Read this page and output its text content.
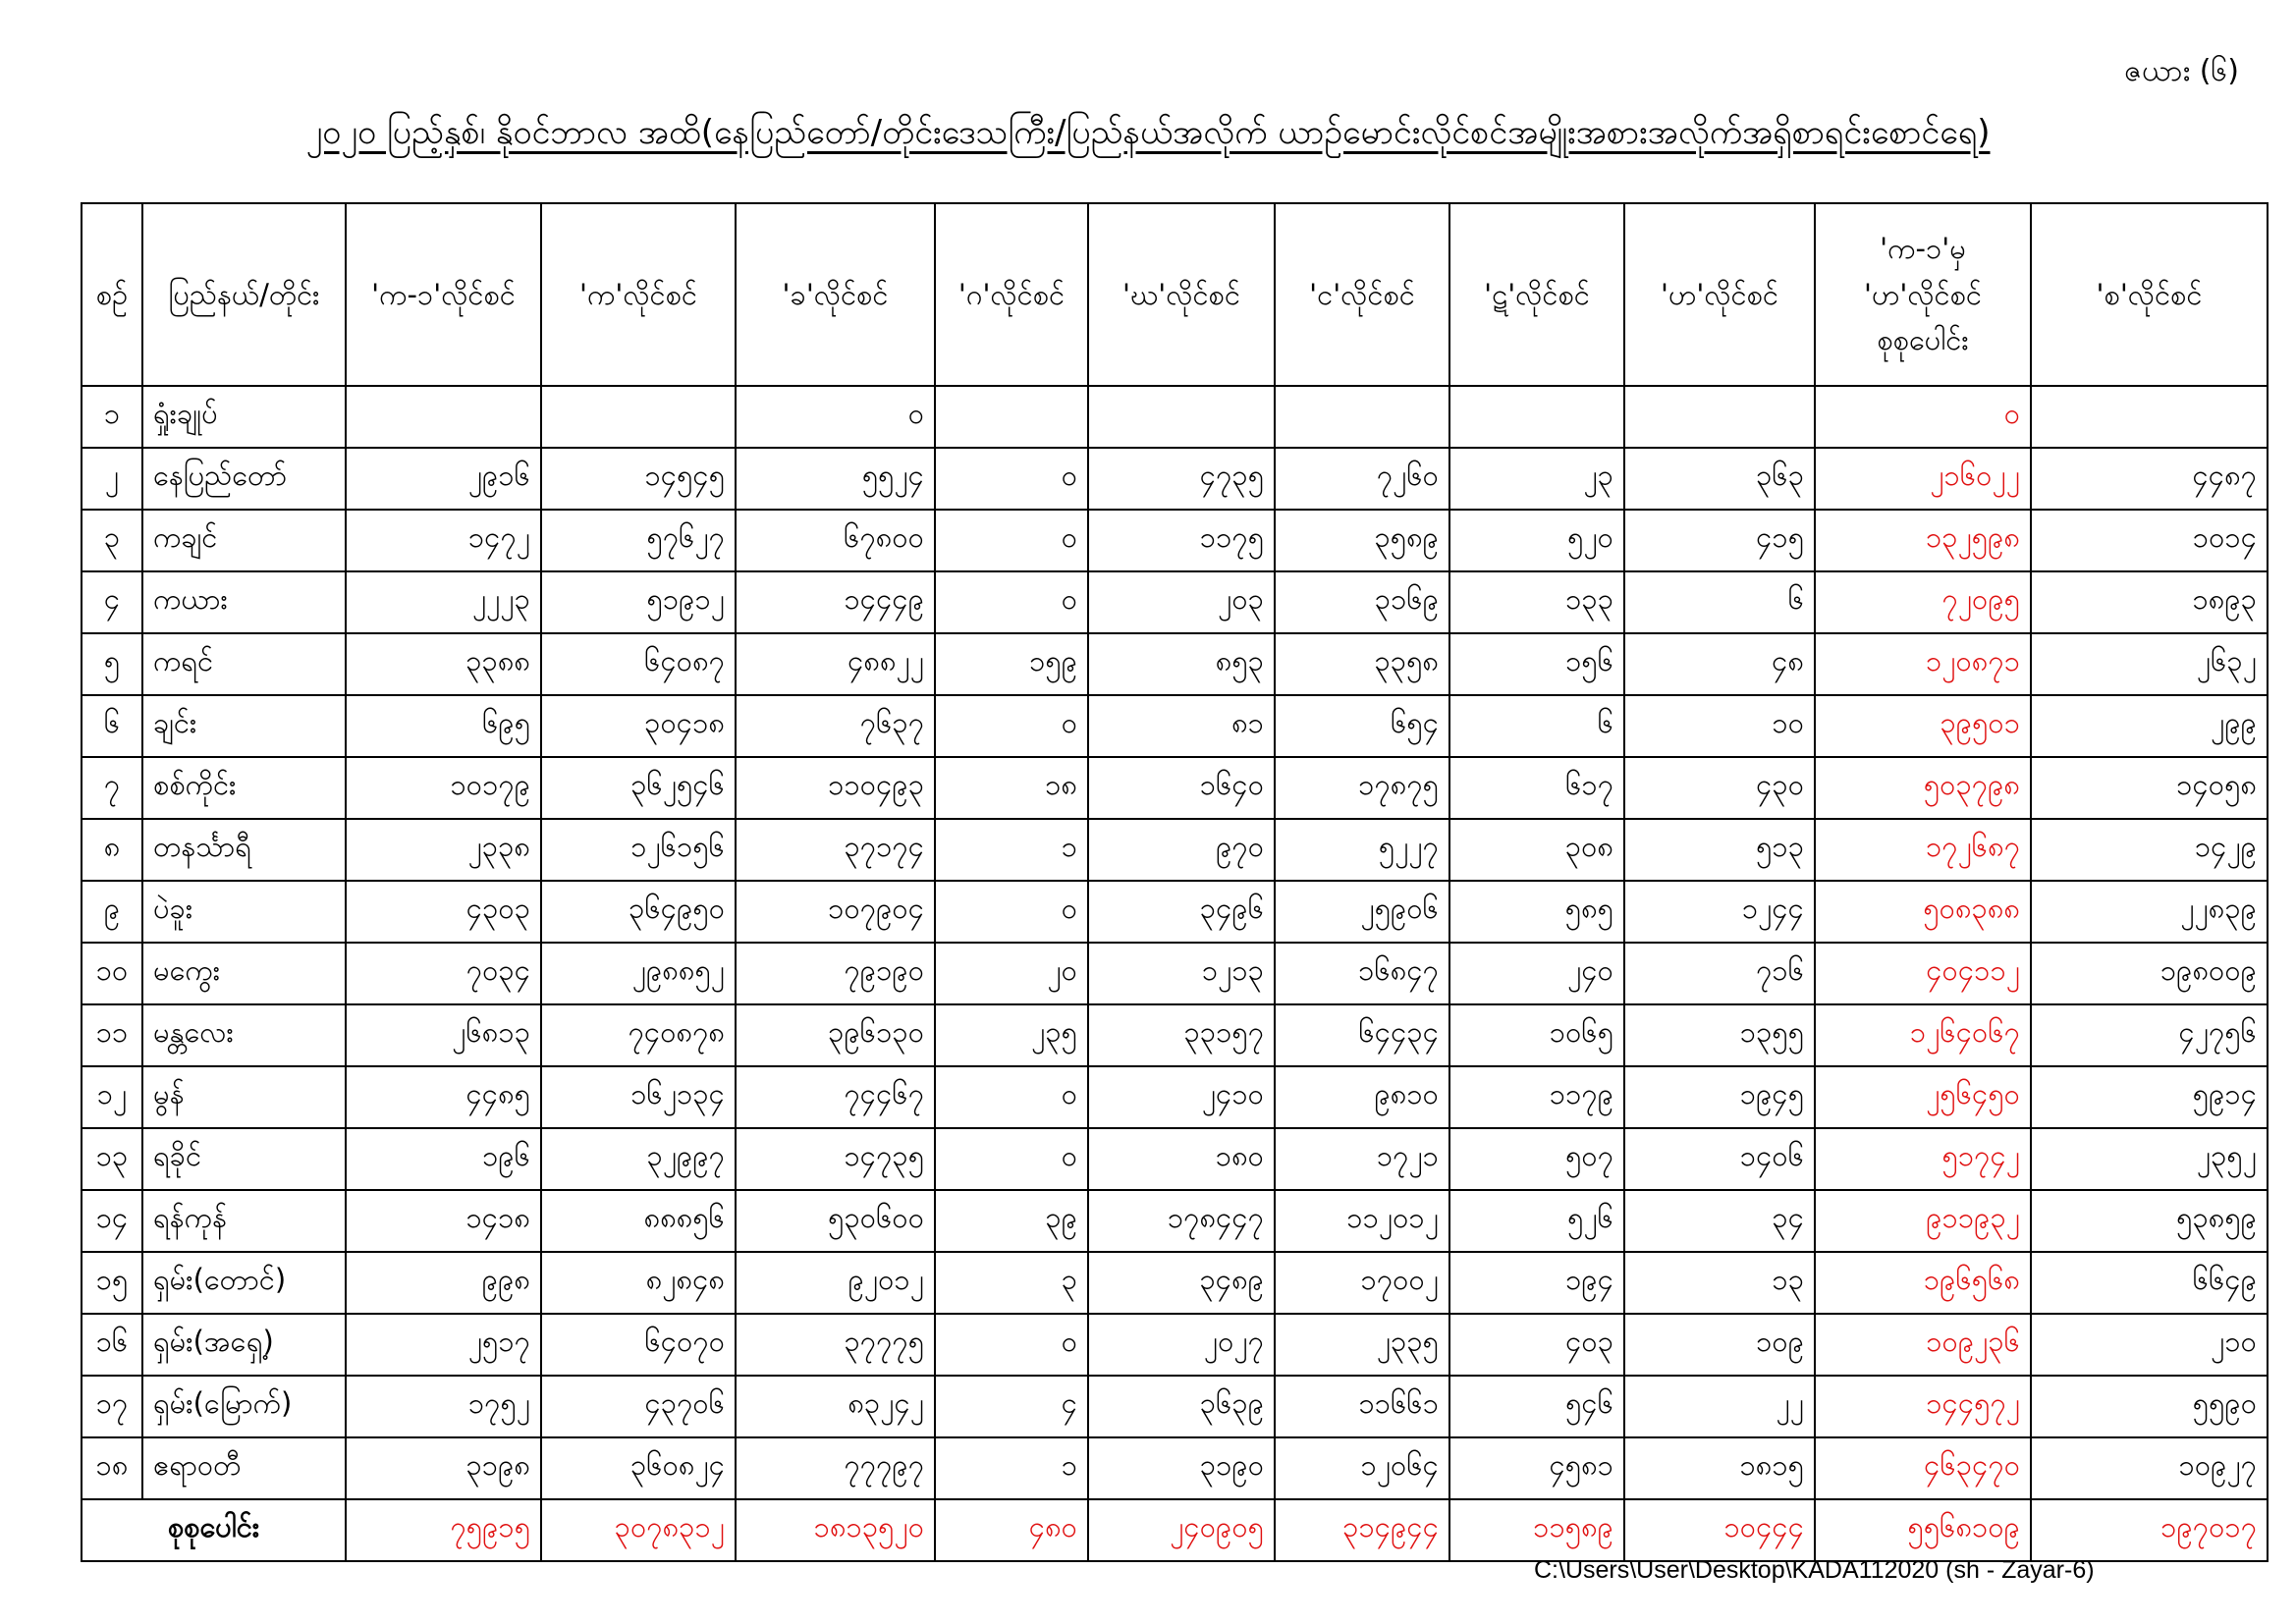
ဇယား (၆)
၂၀၂၀ ပြည့်နှစ်၊ နိုဝင်ဘာလ အထိ(နေပြည်တော်/တိုင်းဒေသကြီး/ပြည်နယ်အလိုက် ယာဉ်မောင်းလိုင်စင်အမျိုးအစားအလိုက်အရှိစာရင်းစောင်ရေ)
စဉ်	ပြည်နယ်/တိုင်း	'က-၁'လိုင်စင်	'က'လိုင်စင်	'ခ'လိုင်စင်	'ဂ'လိုင်စင်	'ဃ'လိုင်စင်	'င'လိုင်စင်	'ဋ'လိုင်စင်	'ဟ'လိုင်စင်	'က-၁'မှ 'ဟ'လိုင်စင် စုစုပေါင်း	'စ'လိုင်စင်
၁	ရှုံးချုပ်			၀						၀	
၂	နေပြည်တော်	၂၉၁၆	၁၄၅၄၅	၅၅၂၄	၀	၄၇၃၅	၇၂၆၀	၂၃	၃၆၃	၂၁၆၀၂၂	၄၄၈၇
၃	ကချင်	၁၄၇၂	၅၇၆၂၇	၆၇၈၀၀	၀	၁၁၇၅	၃၅၈၉	၅၂၀	၄၁၅	၁၃၂၅၉၈	၁၀၁၄
၄	ကယား	၂၂၂၃	၅၁၉၁၂	၁၄၄၄၉	၀	၂၀၃	၃၁၆၉	၁၃၃	၆	၇၂၀၉၅	၁၈၉၃
၅	ကရင်	၃၃၈၈	၆၄၀၈၇	၄၈၈၂၂	၁၅၉	၈၅၃	၃၃၅၈	၁၅၆	၄၈	၁၂၀၈၇၁	၂၆၃၂
၆	ချင်း	၆၉၅	၃၀၄၁၈	၇၆၃၇	၀	၈၁	၆၅၄	၆	၁၀	၃၉၅၀၁	၂၉၉
၇	စစ်ကိုင်း	၁၀၁၇၉	၃၆၂၅၄၆	၁၁၀၄၉၃	၁၈	၁၆၄၀	၁၇၈၇၅	၆၁၇	၄၃၀	၅၀၃၇၉၈	၁၄၀၅၈
၈	တနင်္သာရီ	၂၃၃၈	၁၂၆၁၅၆	၃၇၁၇၄	၁	၉၇၀	၅၂၂၇	၃၀၈	၅၁၃	၁၇၂၆၈၇	၁၄၂၉
၉	ပဲခူး	၄၃၀၃	၃၆၄၉၅၀	၁၀၇၉၀၄	၀	၃၄၉၆	၂၅၉၀၆	၅၈၅	၁၂၄၄	၅၀၈၃၈၈	၂၂၈၃၉
၁၀	မကွေး	၇၀၃၄	၂၉၈၈၅၂	၇၉၁၉၀	၂၀	၁၂၁၃	၁၆၈၄၇	၂၄၀	၇၁၆	၄၀၄၁၁၂	၁၉၈၀၀၉
၁၁	မန္တလေး	၂၆၈၁၃	၇၄၀၈၇၈	၃၉၆၁၃၀	၂၃၅	၃၃၁၅၇	၆၄၄၃၄	၁၀၆၅	၁၃၅၅	၁၂၆၄၀၆၇	၄၂၇၅၆
၁၂	မွန်	၄၄၈၅	၁၆၂၁၃၄	၇၄၄၆၇	၀	၂၄၁၀	၉၈၁၀	၁၁၇၉	၁၉၄၅	၂၅၆၄၅၀	၅၉၁၄
၁၃	ရခိုင်	၁၉၆	၃၂၉၉၇	၁၄၇၃၅	၀	၁၈၀	၁၇၂၁	၅၀၇	၁၄၀၆	၅၁၇၄၂	၂၃၅၂
၁၄	ရန်ကုန်	၁၄၁၈	၈၈၈၅၆	၅၃၀၆၀၀	၃၉	၁၇၈၄၄၇	၁၁၂၀၁၂	၅၂၆	၃၄	၉၁၁၉၃၂	၅၃၈၅၉
၁၅	ရှမ်း(တောင်)	၉၉၈	၈၂၈၄၈	၉၂၀၁၂	၃	၃၄၈၉	၁၇၀၀၂	၁၉၄	၁၃	၁၉၆၅၆၈	၆၆၄၉
၁၆	ရှမ်း(အရှေ့)	၂၅၁၇	၆၄၀၇၀	၃၇၇၇၅	၀	၂၀၂၇	၂၃၃၅	၄၀၃	၁၀၉	၁၀၉၂၃၆	၂၁၀
၁၇	ရှမ်း(မြောက်)	၁၇၅၂	၄၃၇၀၆	၈၃၂၄၂	၄	၃၆၃၉	၁၁၆၆၁	၅၄၆	၂၂	၁၄၄၅၇၂	၅၅၉၀
၁၈	ဧရာဝတီ	၃၁၉၈	၃၆၀၈၂၄	၇၇၇၉၇	၁	၃၁၉၀	၁၂၀၆၄	၄၅၈၁	၁၈၁၅	၄၆၃၄၇၀	၁၀၉၂၇
စုစုပေါင်း		၇၅၉၁၅	၃၀၇၈၃၁၂	၁၈၁၃၅၂၀	၄၈၀	၂၄၀၉၀၅	၃၁၄၉၄၄	၁၁၅၈၉	၁၀၄၄၄	၅၅၆၈၁၀၉	၁၉၇၀၁၇
C:\Users\User\Desktop\KADA112020 (sh - Zayar-6)
